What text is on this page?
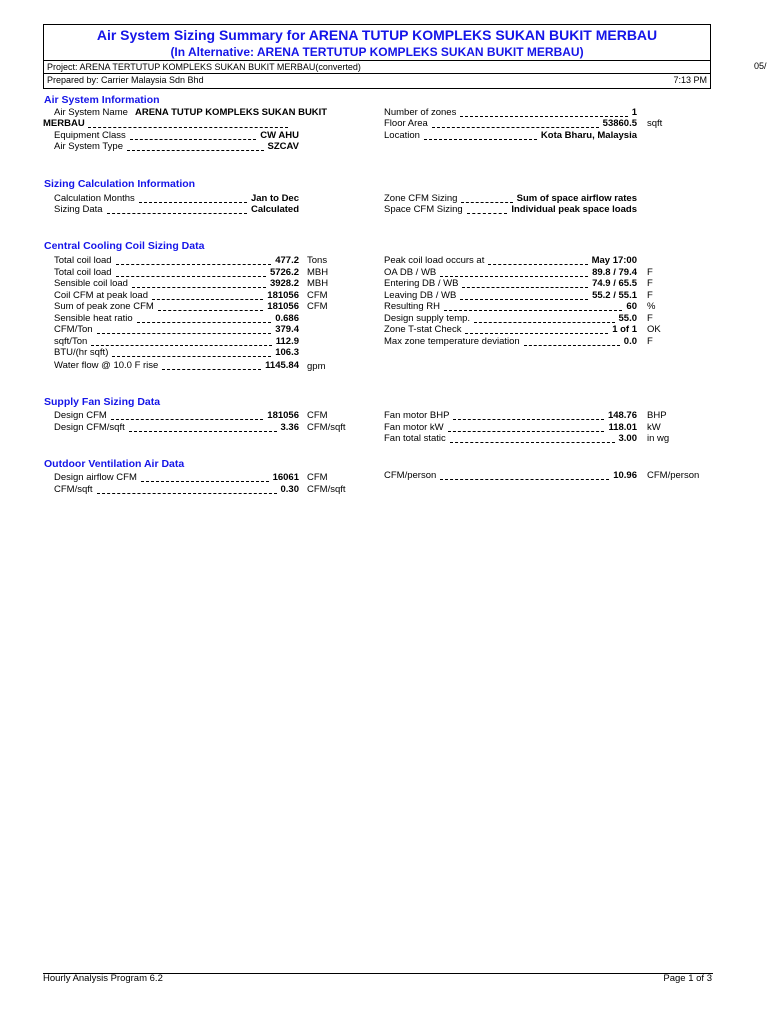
Air System Sizing Summary for ARENA TUTUP KOMPLEKS SUKAN BUKIT MERBAU
(In Alternative: ARENA TERTUTUP KOMPLEKS SUKAN BUKIT MERBAU)
Project: ARENA TERTUTUP KOMPLEKS SUKAN BUKIT MERBAU(converted)
Prepared by: Carrier Malaysia Sdn Bhd	7:13 PM
05/
Air System Information
Air System Name ARENA TUTUP KOMPLEKS SUKAN BUKIT
MERBAU
Equipment Class	CW AHU
Air System Type	SZCAV
Number of zones	1
Floor Area	53860.5 sqft
Location	Kota Bharu, Malaysia
Sizing Calculation Information
Calculation Months	Jan to Dec
Sizing Data	Calculated
Zone CFM Sizing	Sum of space airflow rates
Space CFM Sizing	Individual peak space loads
Central Cooling Coil Sizing Data
Total coil load	477.2 Tons
Total coil load	5726.2 MBH
Sensible coil load	3928.2 MBH
Coil CFM at peak load	181056 CFM
Sum of peak zone CFM	181056 CFM
Sensible heat ratio	0.686
CFM/Ton	379.4
sqft/Ton	112.9
BTU/(hr sqft)	106.3
Peak coil load occurs at	May 17:00
OA DB / WB	89.8 / 79.4 F
Entering DB / WB	74.9 / 65.5 F
Leaving DB / WB	55.2 / 55.1 F
Resulting RH	60 %
Design supply temp.	55.0 F
Zone T-stat Check	1 of 1 OK
Max zone temperature deviation	0.0 F
Water flow @ 10.0 F rise	1145.84 gpm
Supply Fan Sizing Data
Design CFM	181056 CFM
Design CFM/sqft	3.36 CFM/sqft
Fan motor BHP	148.76 BHP
Fan motor kW	118.01 kW
Fan total static	3.00 in wg
Outdoor Ventilation Air Data
Design airflow CFM	16061 CFM
CFM/sqft	0.30 CFM/sqft
CFM/person	10.96 CFM/person
Hourly Analysis Program 6.2	Page 1 of 3
